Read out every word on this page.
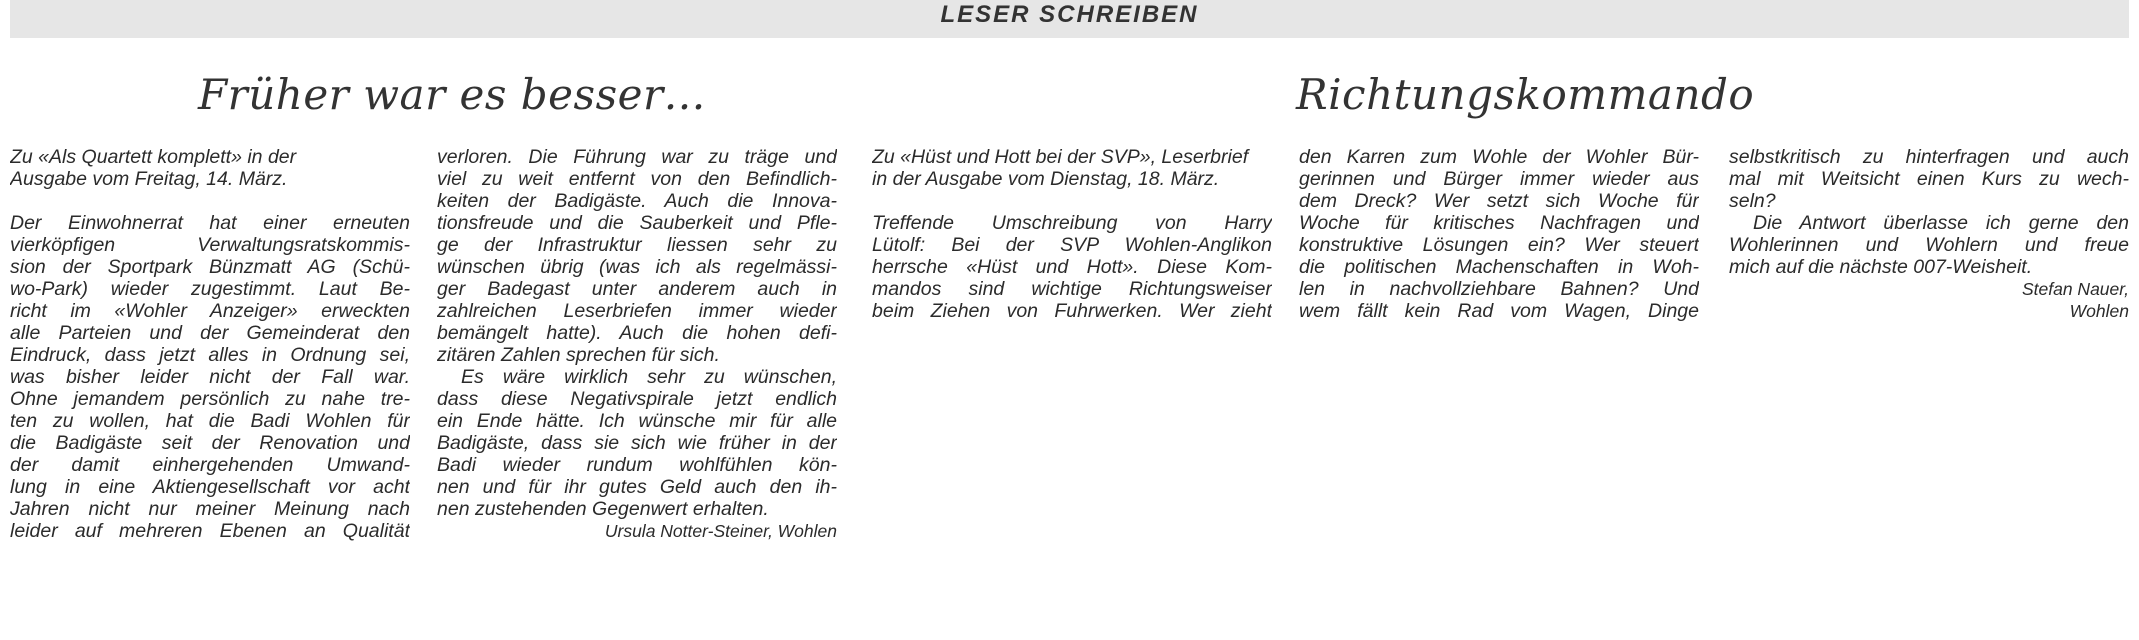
LESER SCHREIBEN
Früher war es besser…	Richtungskommando
Zu «Als Quartett komplett» in der
Ausgabe vom Freitag, 14. März.
Der Einwohnerrat hat einer erneuten
vierköpfigen Verwaltungsratskommis-
sion der Sportpark Bünzmatt AG (Schü-
wo-Park) wieder zugestimmt. Laut Be-
richt im «Wohler Anzeiger» erweckten
alle Parteien und der Gemeinderat den
Eindruck, dass jetzt alles in Ordnung sei,
was bisher leider nicht der Fall war.
Ohne jemandem persönlich zu nahe tre-
ten zu wollen, hat die Badi Wohlen für
die Badigäste seit der Renovation und
der damit einhergehenden Umwand-
lung in eine Aktiengesellschaft vor acht
Jahren nicht nur meiner Meinung nach
leider auf mehreren Ebenen an Qualität
verloren. Die Führung war zu träge und
viel zu weit entfernt von den Befindlich-
keiten der Badigäste. Auch die Innova-
tionsfreude und die Sauberkeit und Pfle-
ge der Infrastruktur liessen sehr zu
wünschen übrig (was ich als regelmässi-
ger Badegast unter anderem auch in
zahlreichen Leserbriefen immer wieder
bemängelt hatte). Auch die hohen defi-
zitären Zahlen sprechen für sich.
Es wäre wirklich sehr zu wünschen,
dass diese Negativspirale jetzt endlich
ein Ende hätte. Ich wünsche mir für alle
Badigäste, dass sie sich wie früher in der
Badi wieder rundum wohlfühlen kön-
nen und für ihr gutes Geld auch den ih-
nen zustehenden Gegenwert erhalten.
Ursula Notter-Steiner, Wohlen
Zu «Hüst und Hott bei der SVP», Leserbrief
in der Ausgabe vom Dienstag, 18. März.
Treffende Umschreibung von Harry
Lütolf: Bei der SVP Wohlen-Anglikon
herrsche «Hüst und Hott». Diese Kom-
mandos sind wichtige Richtungsweiser
beim Ziehen von Fuhrwerken. Wer zieht
den Karren zum Wohle der Wohler Bür-
gerinnen und Bürger immer wieder aus
dem Dreck? Wer setzt sich Woche für
Woche für kritisches Nachfragen und
konstruktive Lösungen ein? Wer steuert
die politischen Machenschaften in Woh-
len in nachvollziehbare Bahnen? Und
wem fällt kein Rad vom Wagen, Dinge
selbstkritisch zu hinterfragen und auch
mal mit Weitsicht einen Kurs zu wech-
seln?
Die Antwort überlasse ich gerne den
Wohlerinnen und Wohlern und freue
mich auf die nächste 007-Weisheit.
Stefan Nauer,
Wohlen
